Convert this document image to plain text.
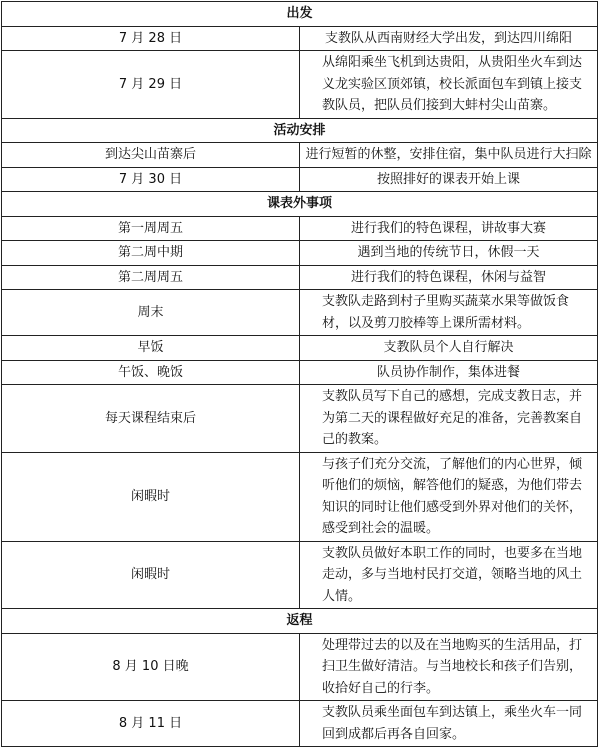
出发	
7 月 28 日	支教队从西南财经大学出发，到达四川绵阳
7 月 29 日	从绵阳乘坐飞机到达贵阳，从贵阳坐火车到达义龙实验区顶郊镇，校长派面包车到镇上接支教队员，把队员们接到大蚌村尖山苗寨。
活动安排	
到达尖山苗寨后	进行短暂的休整，安排住宿，集中队员进行大扫除
7 月 30 日	按照排好的课表开始上课
课表外事项	
第一周周五	进行我们的特色课程，讲故事大赛
第二周中期	遇到当地的传统节日，休假一天
第二周周五	进行我们的特色课程，休闲与益智
周末	支教队走路到村子里购买蔬菜水果等做饭食材，以及剪刀胶棒等上课所需材料。
早饭	支教队员个人自行解决
午饭、晚饭	队员协作制作，集体进餐
每天课程结束后	支教队员写下自己的感想，完成支教日志，并为第二天的课程做好充足的准备，完善教案自己的教案。
闲暇时	与孩子们充分交流，了解他们的内心世界，倾听他们的烦恼，解答他们的疑惑，为他们带去知识的同时让他们感受到外界对他们的关怀，感受到社会的温暖。
闲暇时	支教队员做好本职工作的同时，也要多在当地走动，多与当地村民打交道，领略当地的风土人情。
返程	
8 月 10 日晚	处理带过去的以及在当地购买的生活用品，打扫卫生做好清洁。与当地校长和孩子们告别，收拾好自己的行李。
8 月 11 日	支教队员乘坐面包车到达镇上，乘坐火车一同回到成都后再各自回家。
